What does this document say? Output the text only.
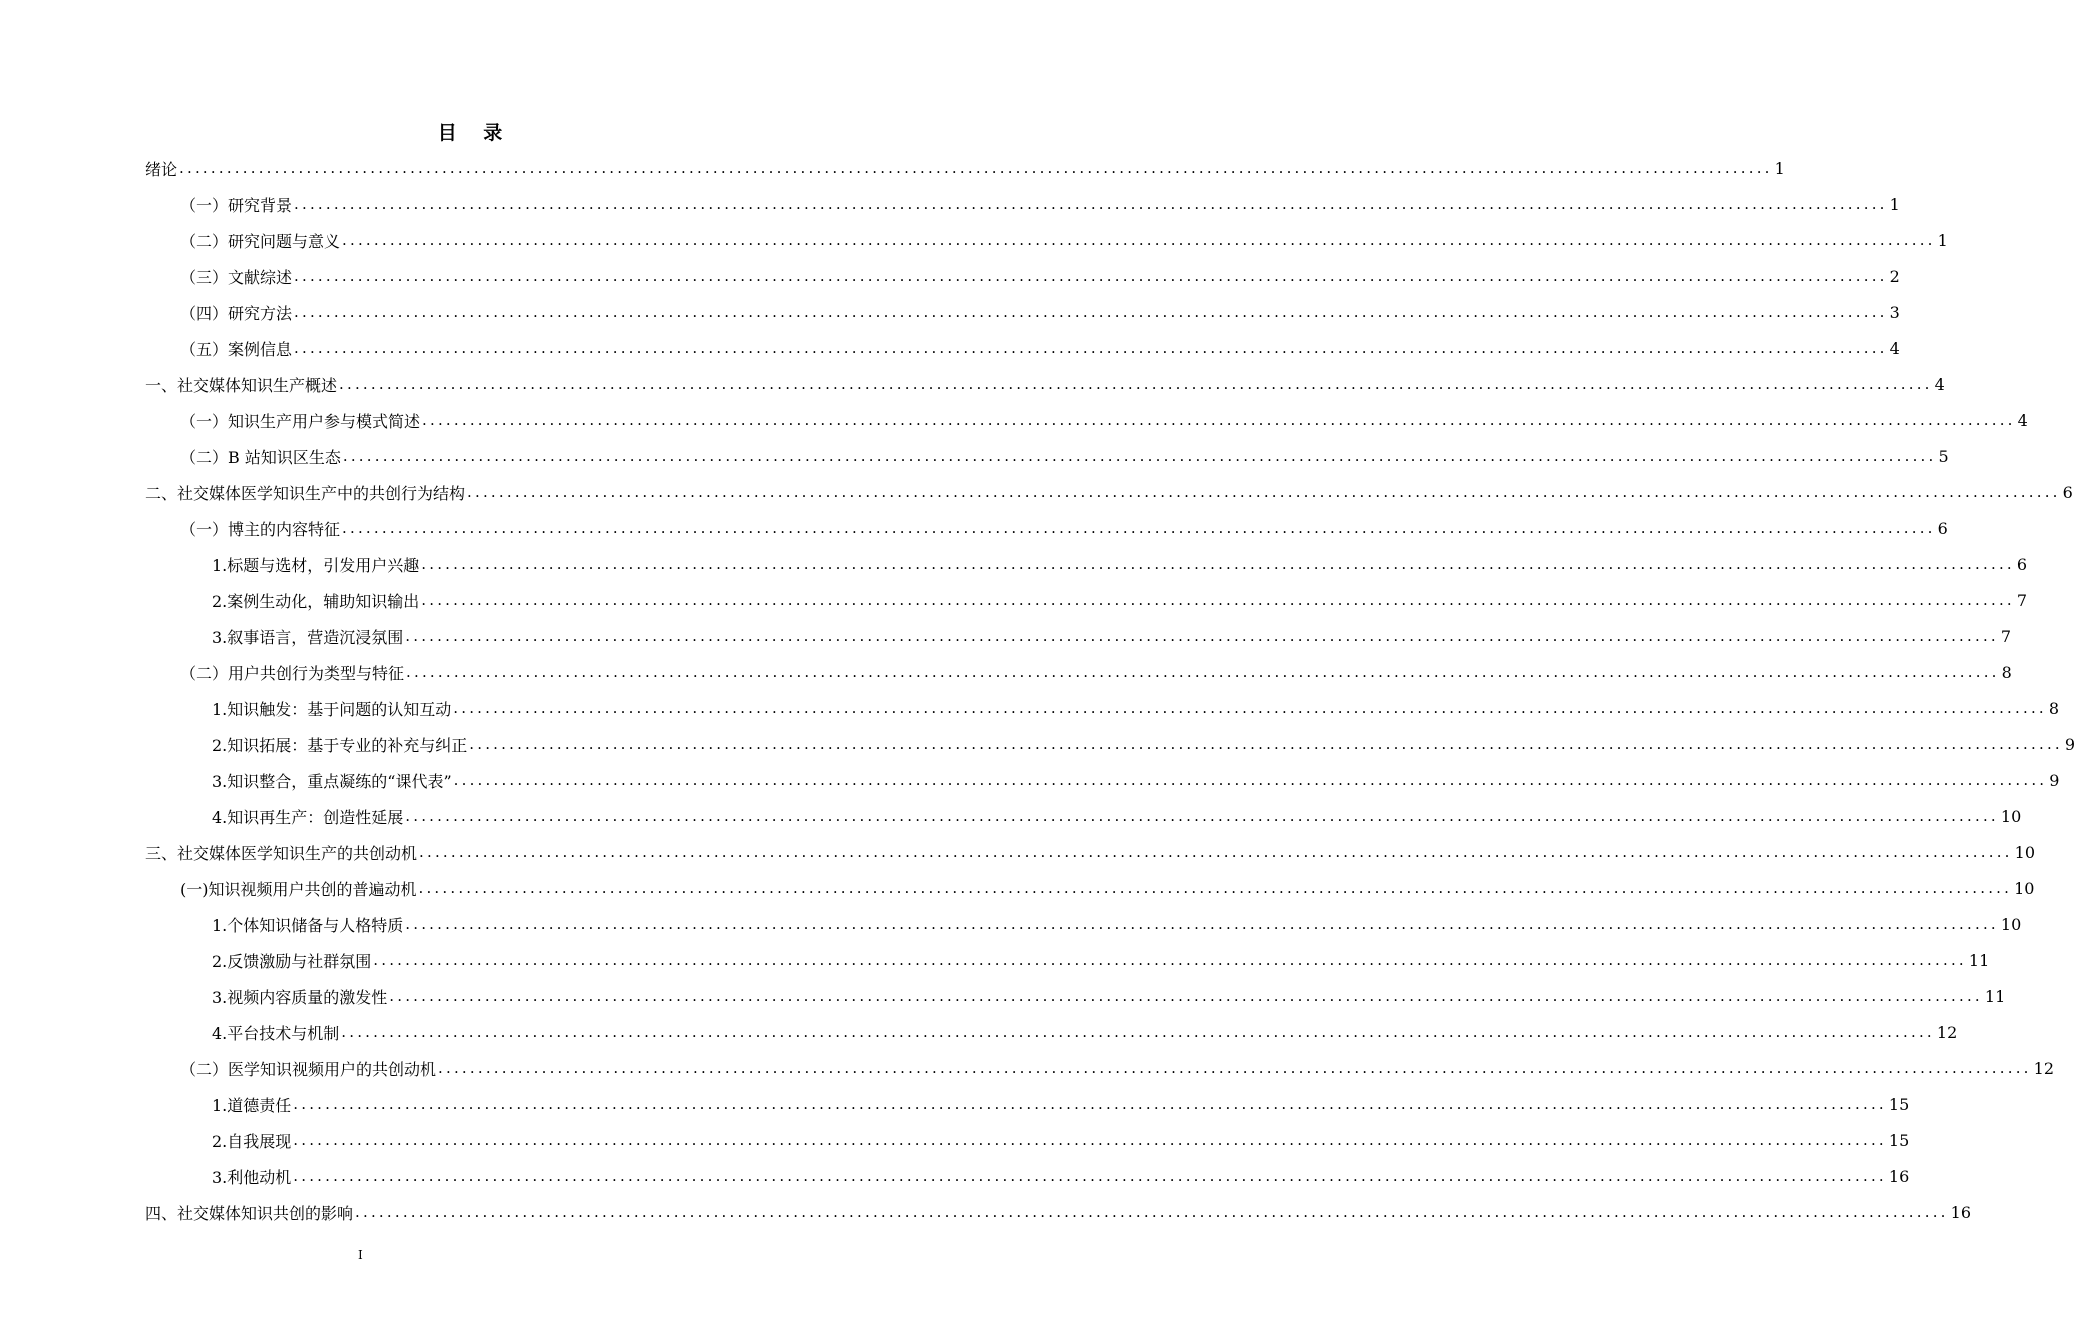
目 录
绪论 ........................................................................................................................................................................................................ 1
（一）研究背景 ........................................................................................................................................................................................................ 1
（二）研究问题与意义 ........................................................................................................................................................................................................ 1
（三）文献综述 ........................................................................................................................................................................................................ 2
（四）研究方法 ........................................................................................................................................................................................................ 3
（五）案例信息 ........................................................................................................................................................................................................ 4
一、社交媒体知识生产概述 ........................................................................................................................................................................................................ 4
（一）知识生产用户参与模式简述 ........................................................................................................................................................................................................ 4
（二）B 站知识区生态 ........................................................................................................................................................................................................ 5
二、社交媒体医学知识生产中的共创行为结构 ........................................................................................................................................................................................................ 6
（一）博主的内容特征 ........................................................................................................................................................................................................ 6
1.标题与选材，引发用户兴趣 ........................................................................................................................................................................................................ 6
2.案例生动化，辅助知识输出 ........................................................................................................................................................................................................ 7
3.叙事语言，营造沉浸氛围 ........................................................................................................................................................................................................ 7
（二）用户共创行为类型与特征 ........................................................................................................................................................................................................ 8
1.知识触发：基于问题的认知互动 ........................................................................................................................................................................................................ 8
2.知识拓展：基于专业的补充与纠正 ........................................................................................................................................................................................................ 9
3.知识整合，重点凝练的“课代表” ........................................................................................................................................................................................................ 9
4.知识再生产：创造性延展 ........................................................................................................................................................................................................ 10
三、社交媒体医学知识生产的共创动机 ........................................................................................................................................................................................................ 10
(一)知识视频用户共创的普遍动机 ........................................................................................................................................................................................................ 10
1.个体知识储备与人格特质 ........................................................................................................................................................................................................ 10
2.反馈激励与社群氛围 ........................................................................................................................................................................................................ 11
3.视频内容质量的激发性 ........................................................................................................................................................................................................ 11
4.平台技术与机制 ........................................................................................................................................................................................................ 12
（二）医学知识视频用户的共创动机 ........................................................................................................................................................................................................ 12
1.道德责任 ........................................................................................................................................................................................................ 15
2.自我展现 ........................................................................................................................................................................................................ 15
3.利他动机 ........................................................................................................................................................................................................ 16
四、社交媒体知识共创的影响 ........................................................................................................................................................................................................ 16
I
